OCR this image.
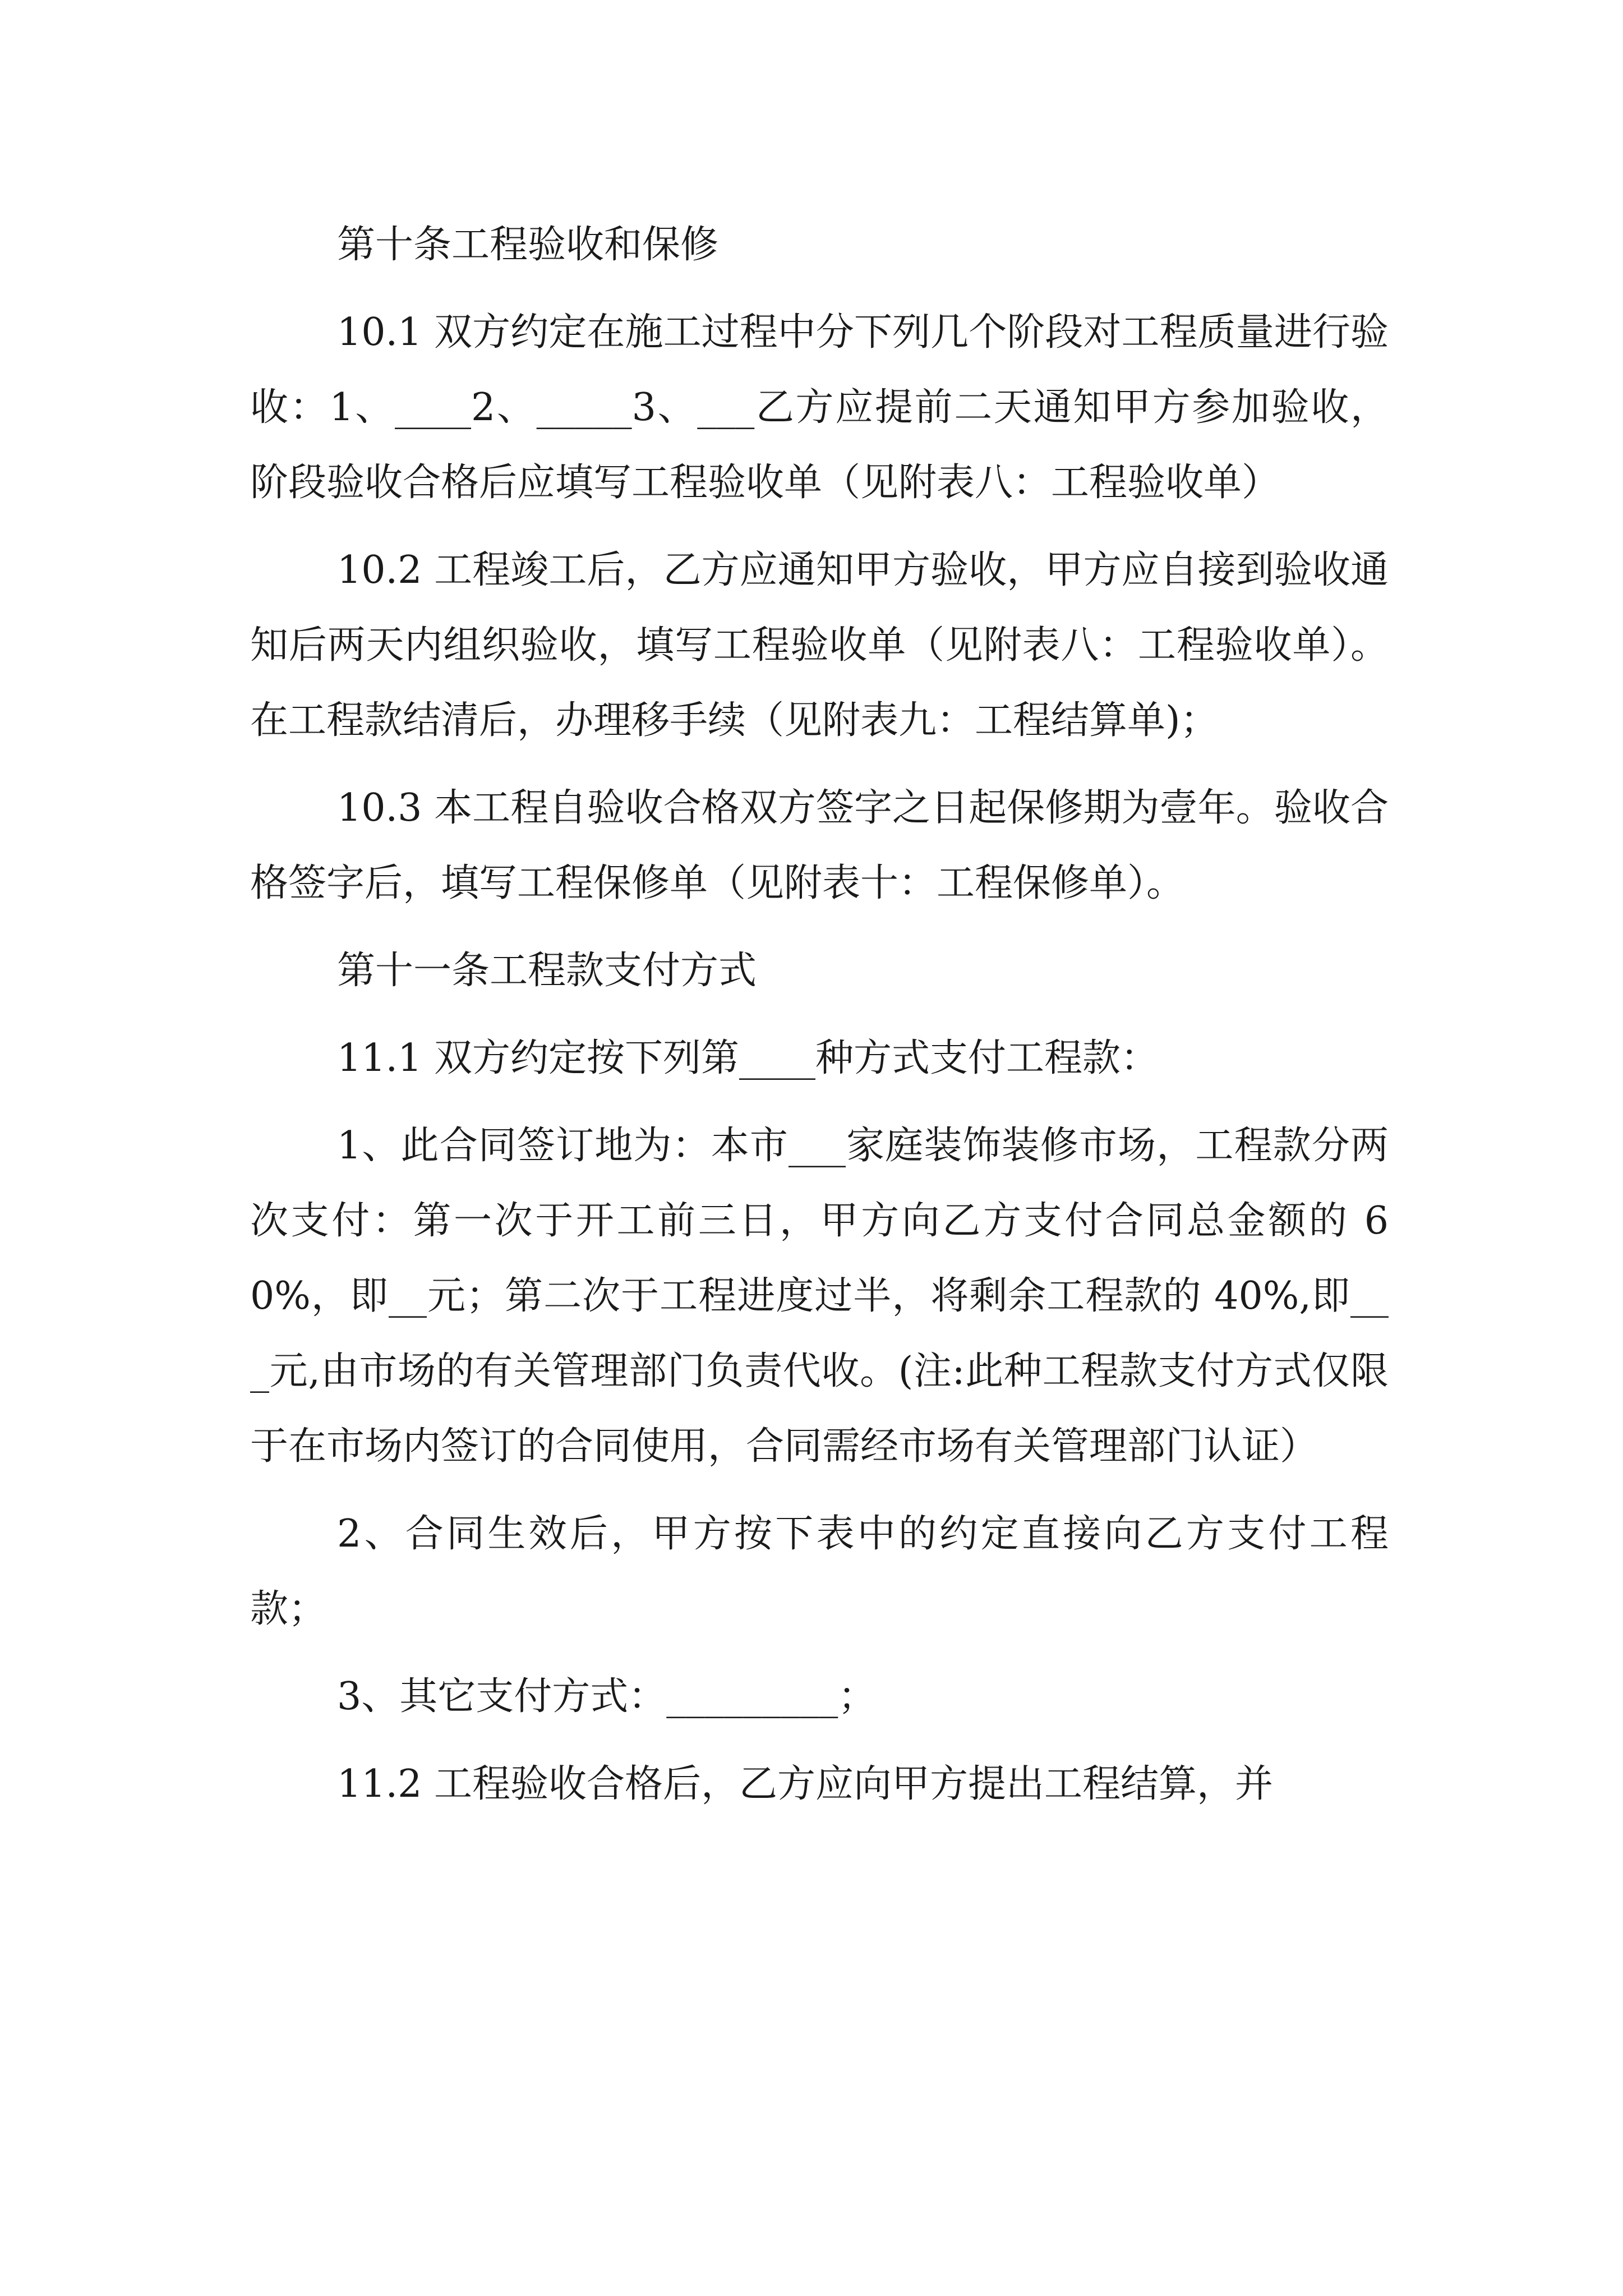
第十条工程验收和保修

10.1 双方约定在施工过程中分下列几个阶段对工程质量进行验收：1、____2、_____3、___乙方应提前二天通知甲方参加验收，阶段验收合格后应填写工程验收单（见附表八：工程验收单）

10.2 工程竣工后，乙方应通知甲方验收，甲方应自接到验收通知后两天内组织验收，填写工程验收单（见附表八：工程验收单）。在工程款结清后，办理移手续（见附表九：工程结算单)；

10.3 本工程自验收合格双方签字之日起保修期为壹年。验收合格签字后，填写工程保修单（见附表十：工程保修单）。

第十一条工程款支付方式

11.1 双方约定按下列第____种方式支付工程款：

1、此合同签订地为：本市___家庭装饰装修市场，工程款分两次支付：第一次于开工前三日，甲方向乙方支付合同总金额的 60%，即__元；第二次于工程进度过半，将剩余工程款的 40%,即___元,由市场的有关管理部门负责代收。(注:此种工程款支付方式仅限于在市场内签订的合同使用，合同需经市场有关管理部门认证）

2、合同生效后，甲方按下表中的约定直接向乙方支付工程款；

3、其它支付方式：_________；

11.2 工程验收合格后，乙方应向甲方提出工程结算，并
